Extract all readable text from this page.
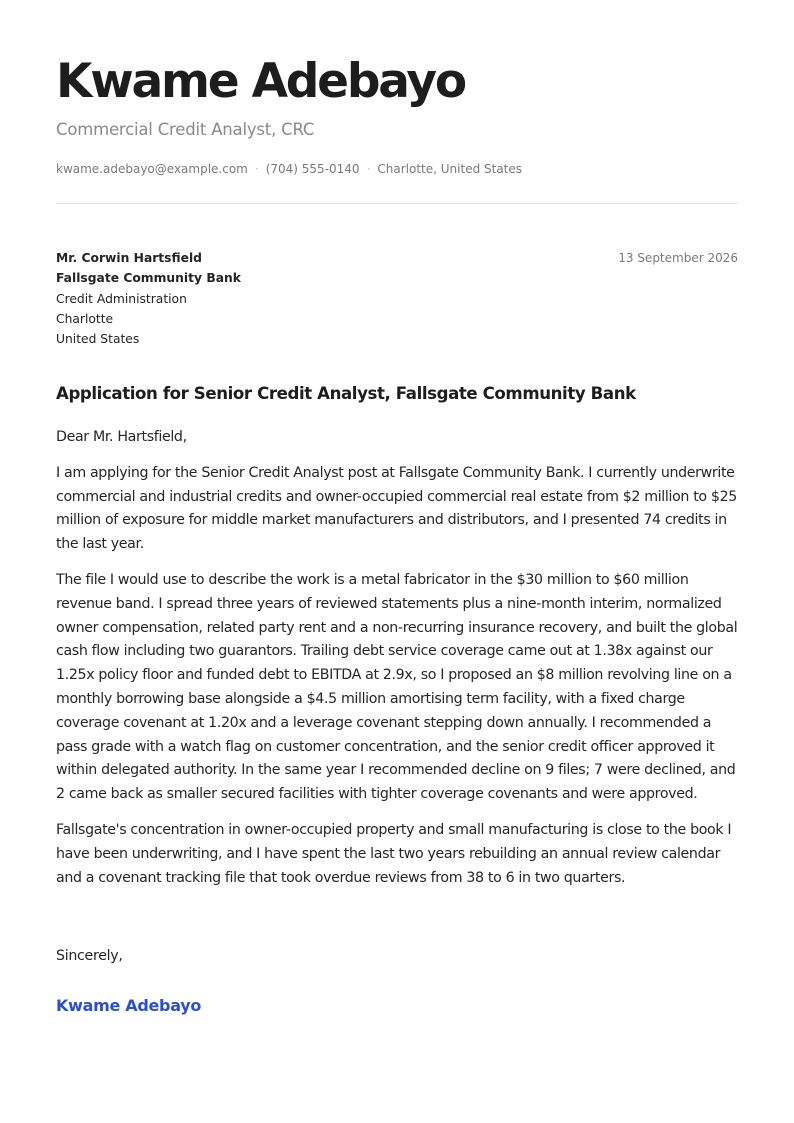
Kwame Adebayo
Commercial Credit Analyst, CRC
kwame.adebayo@example.com · (704) 555-0140 · Charlotte, United States
Mr. Corwin Hartsfield
Fallsgate Community Bank
Credit Administration
Charlotte
United States
13 September 2026
Application for Senior Credit Analyst, Fallsgate Community Bank

Dear Mr. Hartsfield,

I am applying for the Senior Credit Analyst post at Fallsgate Community Bank. I currently underwrite commercial and industrial credits and owner-occupied commercial real estate from $2 million to $25 million of exposure for middle market manufacturers and distributors, and I presented 74 credits in the last year.

The file I would use to describe the work is a metal fabricator in the $30 million to $60 million revenue band. I spread three years of reviewed statements plus a nine-month interim, normalized owner compensation, related party rent and a non-recurring insurance recovery, and built the global cash flow including two guarantors. Trailing debt service coverage came out at 1.38x against our 1.25x policy floor and funded debt to EBITDA at 2.9x, so I proposed an $8 million revolving line on a monthly borrowing base alongside a $4.5 million amortising term facility, with a fixed charge coverage covenant at 1.20x and a leverage covenant stepping down annually. I recommended a pass grade with a watch flag on customer concentration, and the senior credit officer approved it within delegated authority. In the same year I recommended decline on 9 files; 7 were declined, and 2 came back as smaller secured facilities with tighter coverage covenants and were approved.

Fallsgate's concentration in owner-occupied property and small manufacturing is close to the book I have been underwriting, and I have spent the last two years rebuilding an annual review calendar and a covenant tracking file that took overdue reviews from 38 to 6 in two quarters.

Sincerely,
Kwame Adebayo
